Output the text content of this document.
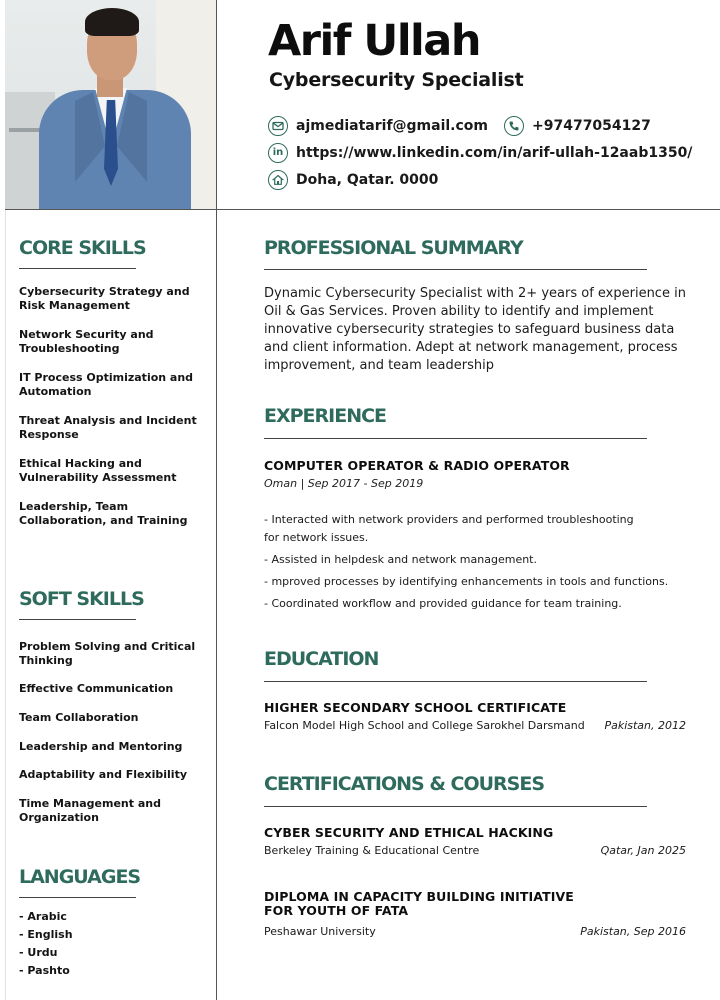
Arif Ullah
Cybersecurity Specialist
ajmediatarif@gmail.com	+97477054127
in https://www.linkedin.com/in/arif-ullah-12aab1350/
Doha, Qatar. 0000
CORE SKILLS
Cybersecurity Strategy and Risk Management
Network Security and Troubleshooting
IT Process Optimization and Automation
Threat Analysis and Incident Response
Ethical Hacking and Vulnerability Assessment
Leadership, Team Collaboration, and Training
SOFT SKILLS
Problem Solving and Critical Thinking
Effective Communication
Team Collaboration
Leadership and Mentoring
Adaptability and Flexibility
Time Management and Organization
LANGUAGES
- Arabic
- English
- Urdu
- Pashto
PROFESSIONAL SUMMARY
Dynamic Cybersecurity Specialist with 2+ years of experience in Oil & Gas Services. Proven ability to identify and implement innovative cybersecurity strategies to safeguard business data and client information. Adept at network management, process improvement, and team leadership
EXPERIENCE
COMPUTER OPERATOR & RADIO OPERATOR
Oman | Sep 2017 - Sep 2019
- Interacted with network providers and performed troubleshooting for network issues.
- Assisted in helpdesk and network management.
- mproved processes by identifying enhancements in tools and functions.
- Coordinated workflow and provided guidance for team training.
EDUCATION
HIGHER SECONDARY SCHOOL CERTIFICATE
Falcon Model High School and College Sarokhel Darsmand Pakistan, 2012
CERTIFICATIONS & COURSES
CYBER SECURITY AND ETHICAL HACKING
Berkeley Training & Educational Centre	Qatar, Jan 2025
DIPLOMA IN CAPACITY BUILDING INITIATIVE FOR YOUTH OF FATA
Peshawar University	Pakistan, Sep 2016
